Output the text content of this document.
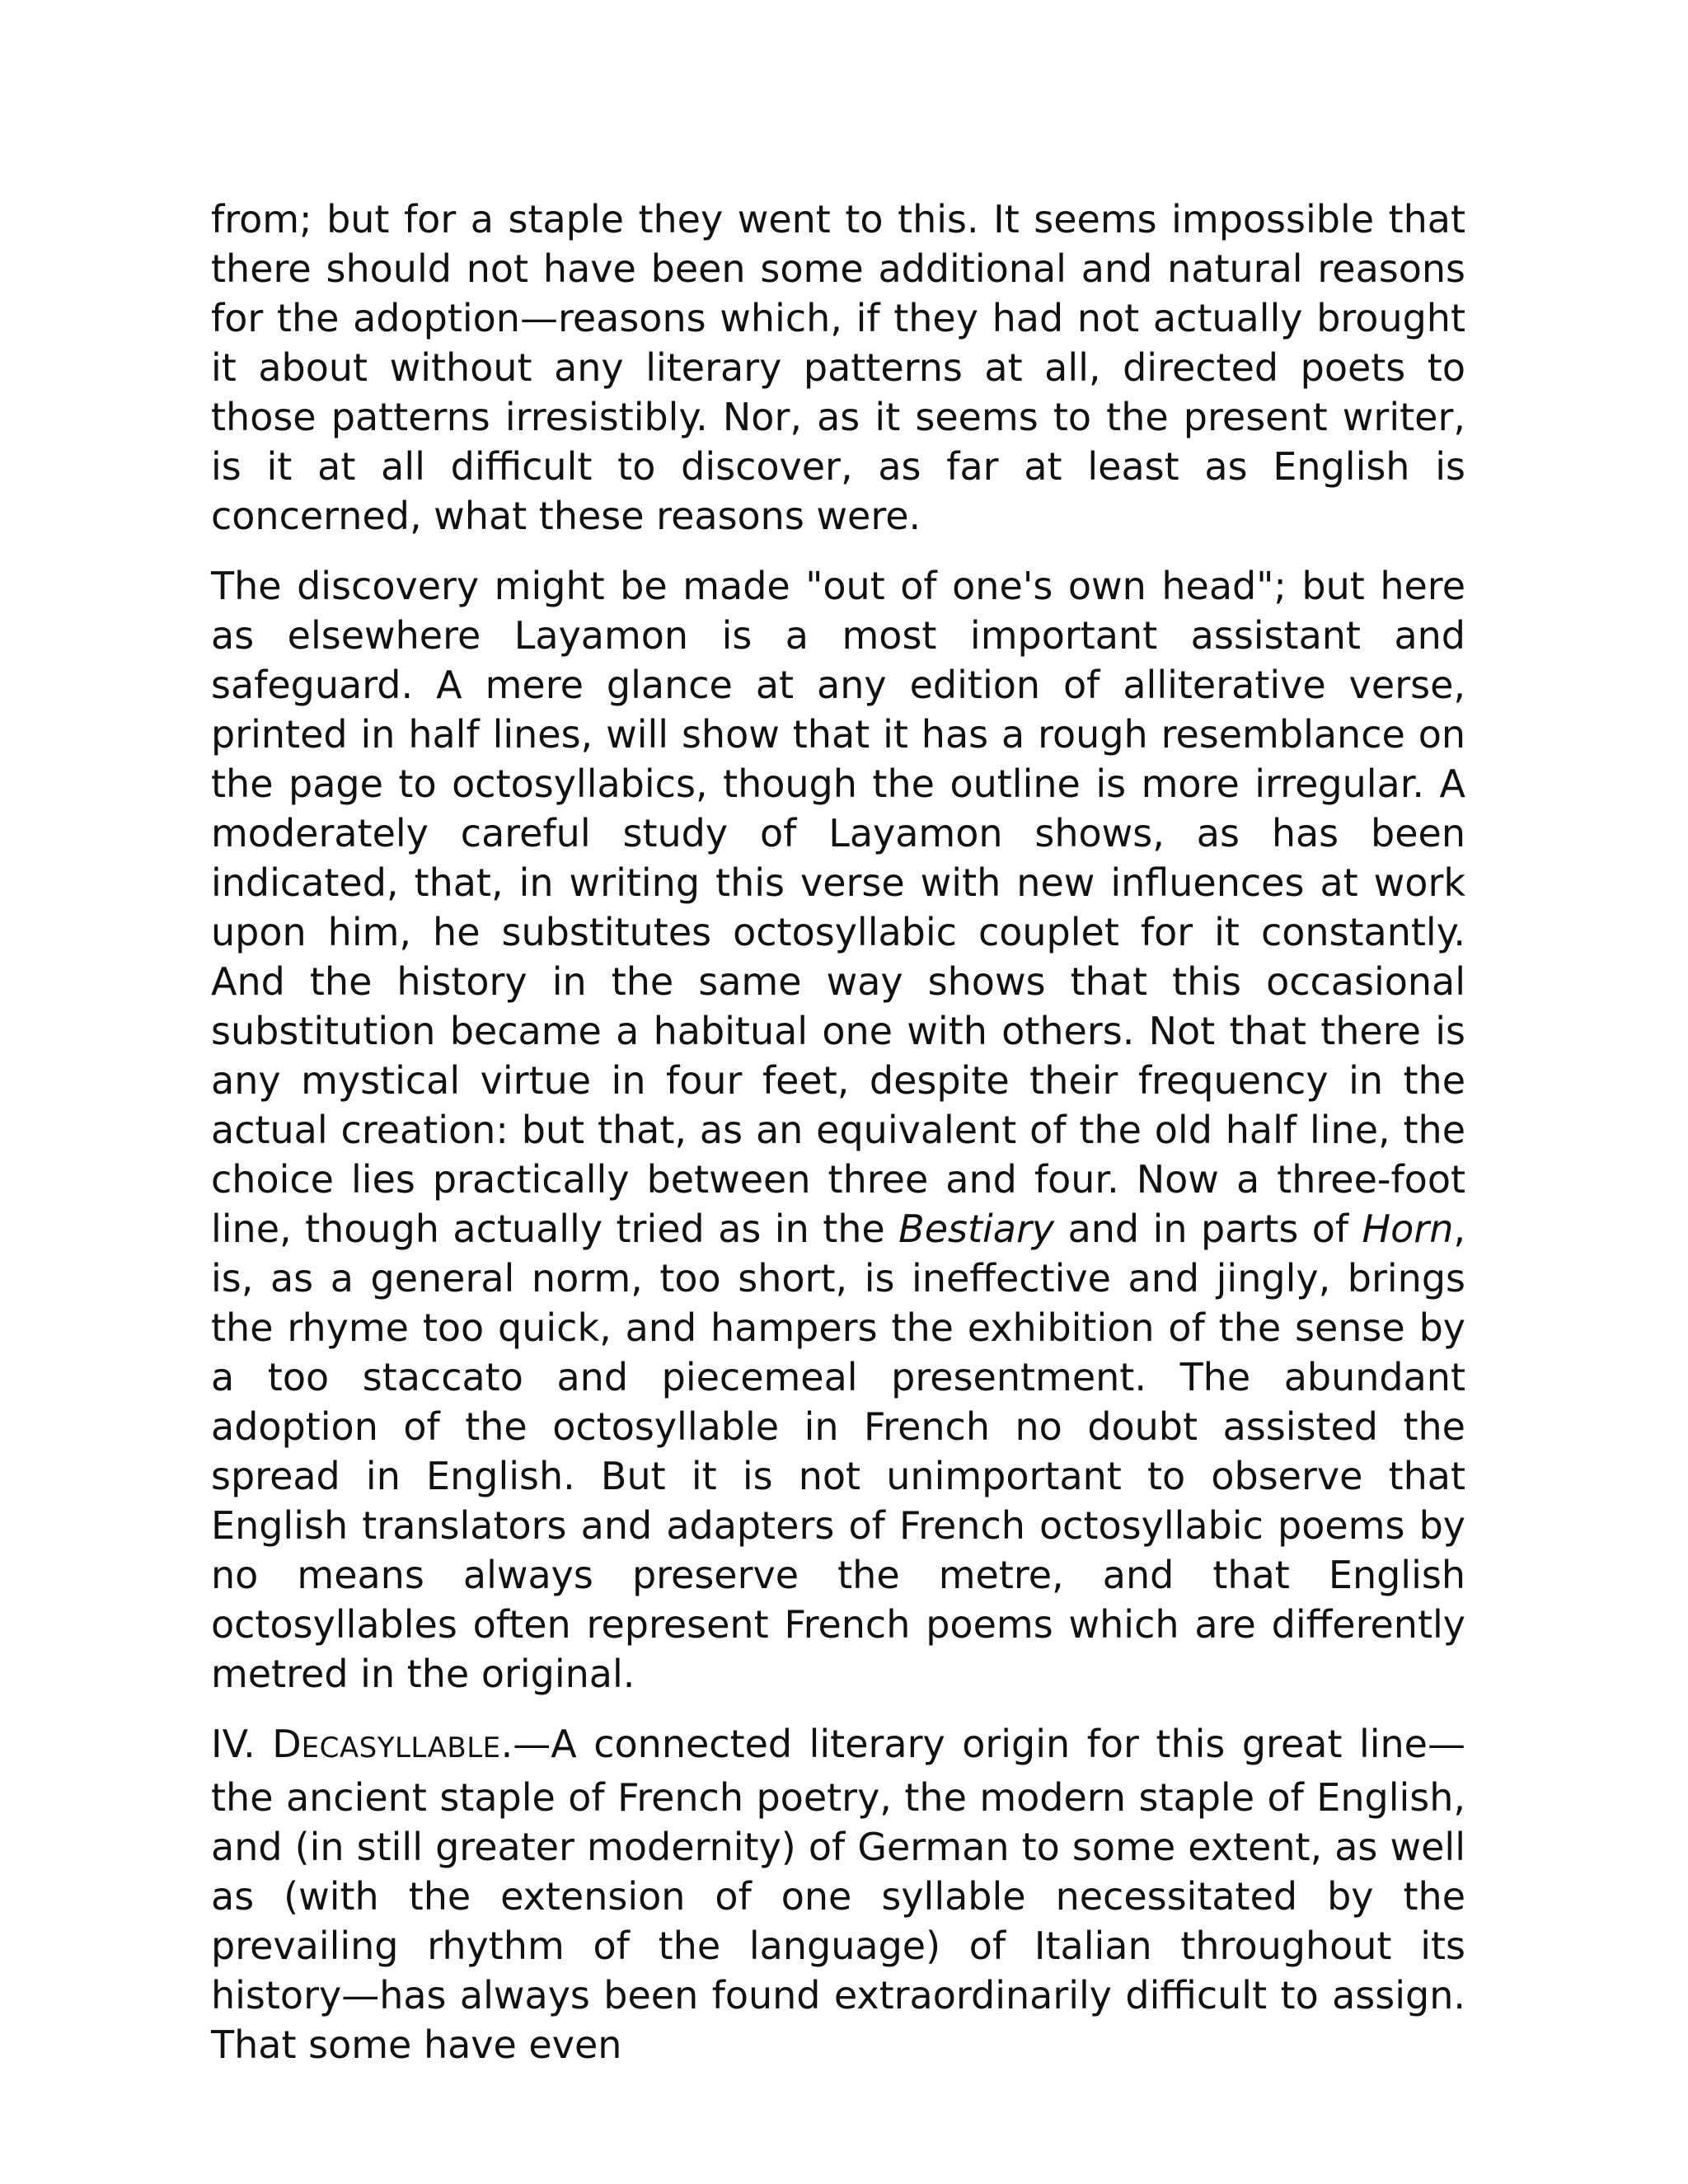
from; but for a staple they went to this. It seems impossible that there should not have been some additional and natural reasons for the adoption—reasons which, if they had not actually brought it about without any literary patterns at all, directed poets to those patterns irresistibly. Nor, as it seems to the present writer, is it at all difficult to discover, as far at least as English is concerned, what these reasons were.

The discovery might be made "out of one's own head"; but here as elsewhere Layamon is a most important assistant and safeguard. A mere glance at any edition of alliterative verse, printed in half lines, will show that it has a rough resemblance on the page to octosyllabics, though the outline is more irregular. A moderately careful study of Layamon shows, as has been indicated, that, in writing this verse with new influences at work upon him, he substitutes octosyllabic couplet for it constantly. And the history in the same way shows that this occasional substitution became a habitual one with others. Not that there is any mystical virtue in four feet, despite their frequency in the actual creation: but that, as an equivalent of the old half line, the choice lies practically between three and four. Now a three-foot line, though actually tried as in the Bestiary and in parts of Horn, is, as a general norm, too short, is ineffective and jingly, brings the rhyme too quick, and hampers the exhibition of the sense by a too staccato and piecemeal presentment. The abundant adoption of the octosyllable in French no doubt assisted the spread in English. But it is not unimportant to observe that English translators and adapters of French octosyllabic poems by no means always preserve the metre, and that English octosyllables often represent French poems which are differently metred in the original.

IV. DECASYLLABLE.—A connected literary origin for this great line—the ancient staple of French poetry, the modern staple of English, and (in still greater modernity) of German to some extent, as well as (with the extension of one syllable necessitated by the prevailing rhythm of the language) of Italian throughout its history—has always been found extraordinarily difficult to assign. That some have even
